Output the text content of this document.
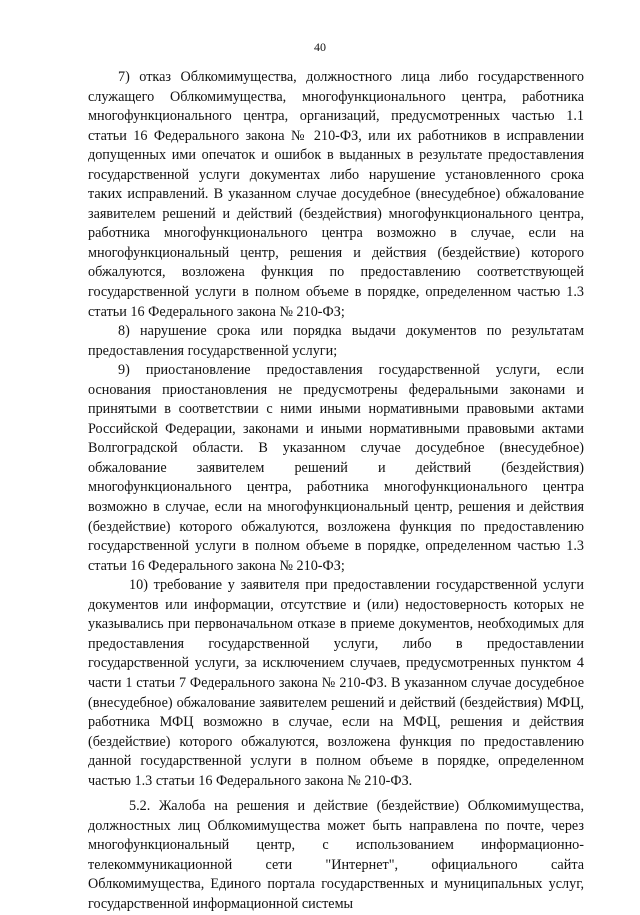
40

7) отказ Облкомимущества, должностного лица либо государственного служащего Облкомимущества, многофункционального центра, работника многофункционального центра, организаций, предусмотренных частью 1.1 статьи 16 Федерального закона № 210-ФЗ, или их работников в исправлении допущенных ими опечаток и ошибок в выданных в результате предоставления государственной услуги документах либо нарушение установленного срока таких исправлений. В указанном случае досудебное (внесудебное) обжалование заявителем решений и действий (бездействия) многофункционального центра, работника многофункционального центра возможно в случае, если на многофункциональный центр, решения и действия (бездействие) которого обжалуются, возложена функция по предоставлению соответствующей государственной услуги в полном объеме в порядке, определенном частью 1.3 статьи 16 Федерального закона № 210-ФЗ;

8) нарушение срока или порядка выдачи документов по результатам предоставления государственной услуги;

9) приостановление предоставления государственной услуги, если основания приостановления не предусмотрены федеральными законами и принятыми в соответствии с ними иными нормативными правовыми актами Российской Федерации, законами и иными нормативными правовыми актами Волгоградской области. В указанном случае досудебное (внесудебное) обжалование заявителем решений и действий (бездействия) многофункционального центра, работника многофункционального центра возможно в случае, если на многофункциональный центр, решения и действия (бездействие) которого обжалуются, возложена функция по предоставлению государственной услуги в полном объеме в порядке, определенном частью 1.3 статьи 16 Федерального закона № 210-ФЗ;

10) требование у заявителя при предоставлении государственной услуги документов или информации, отсутствие и (или) недостоверность которых не указывались при первоначальном отказе в приеме документов, необходимых для предоставления государственной услуги, либо в предоставлении государственной услуги, за исключением случаев, предусмотренных пунктом 4 части 1 статьи 7 Федерального закона № 210-ФЗ. В указанном случае досудебное (внесудебное) обжалование заявителем решений и действий (бездействия) МФЦ, работника МФЦ возможно в случае, если на МФЦ, решения и действия (бездействие) которого обжалуются, возложена функция по предоставлению данной государственной услуги в полном объеме в порядке, определенном частью 1.3 статьи 16 Федерального закона № 210-ФЗ.

5.2. Жалоба на решения и действие (бездействие) Облкомимущества, должностных лиц Облкомимущества может быть направлена по почте, через многофункциональный центр, с использованием информационно-телекоммуникационной сети "Интернет", официального сайта Облкомимущества, Единого портала государственных и муниципальных услуг, государственной информационной системы
